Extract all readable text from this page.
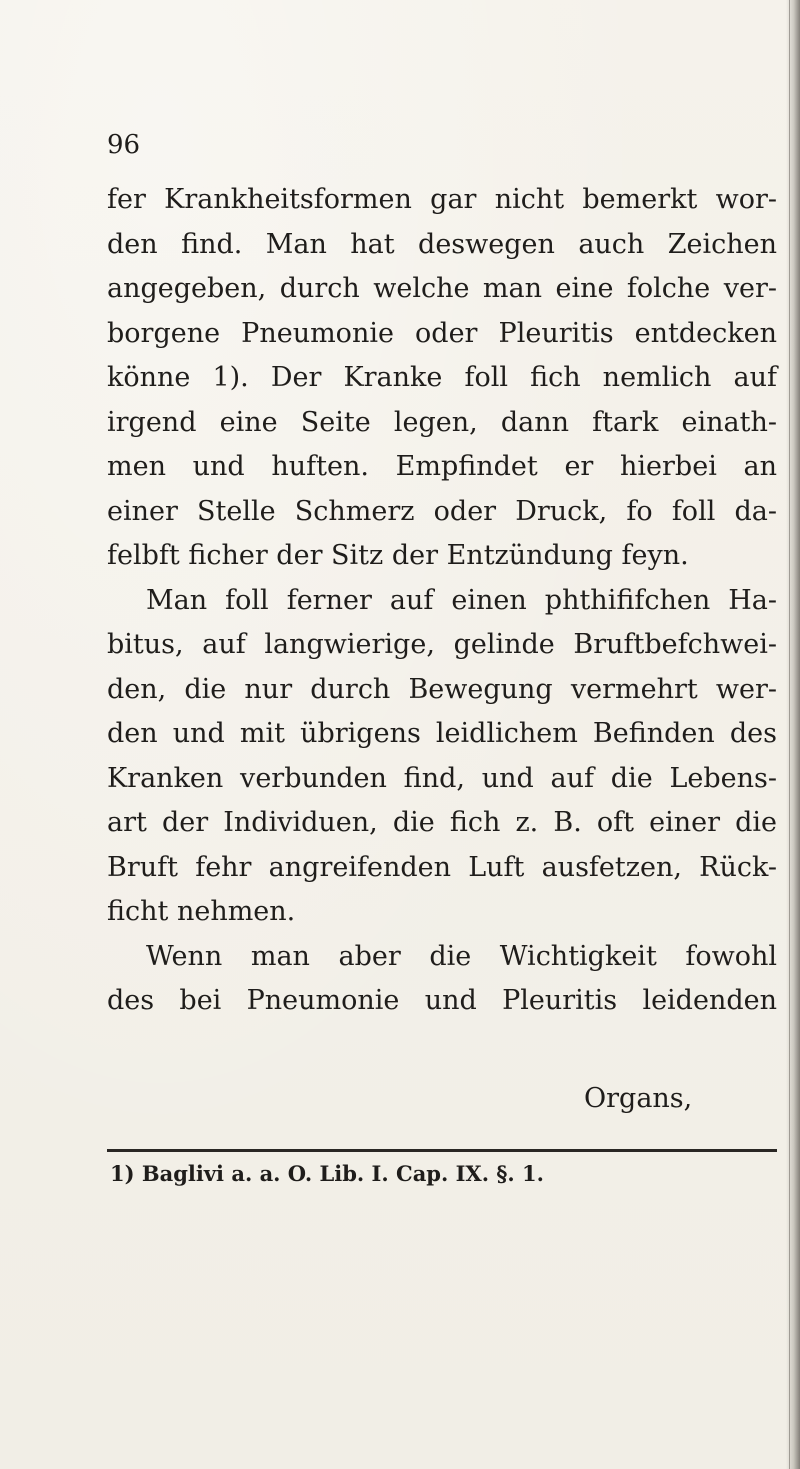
96
fer Krankheitsformen gar nicht bemerkt wor-
den find. Man hat deswegen auch Zeichen
angegeben, durch welche man eine folche ver-
borgene Pneumonie oder Pleuritis entdecken
könne 1). Der Kranke foll fich nemlich auf
irgend eine Seite legen, dann ftark einath-
men und huften. Empfindet er hierbei an
einer Stelle Schmerz oder Druck, fo foll da-
felbft ficher der Sitz der Entzündung feyn.
Man foll ferner auf einen phthififchen Ha-
bitus, auf langwierige, gelinde Bruftbefchwei-
den, die nur durch Bewegung vermehrt wer-
den und mit übrigens leidlichem Befinden des
Kranken verbunden find, und auf die Lebens-
art der Individuen, die fich z. B. oft einer die
Bruft fehr angreifenden Luft ausfetzen, Rück-
ficht nehmen.
Wenn man aber die Wichtigkeit fowohl
des bei Pneumonie und Pleuritis leidenden
Organs,
1) Baglivi a. a. O. Lib. I. Cap. IX. §. 1.
